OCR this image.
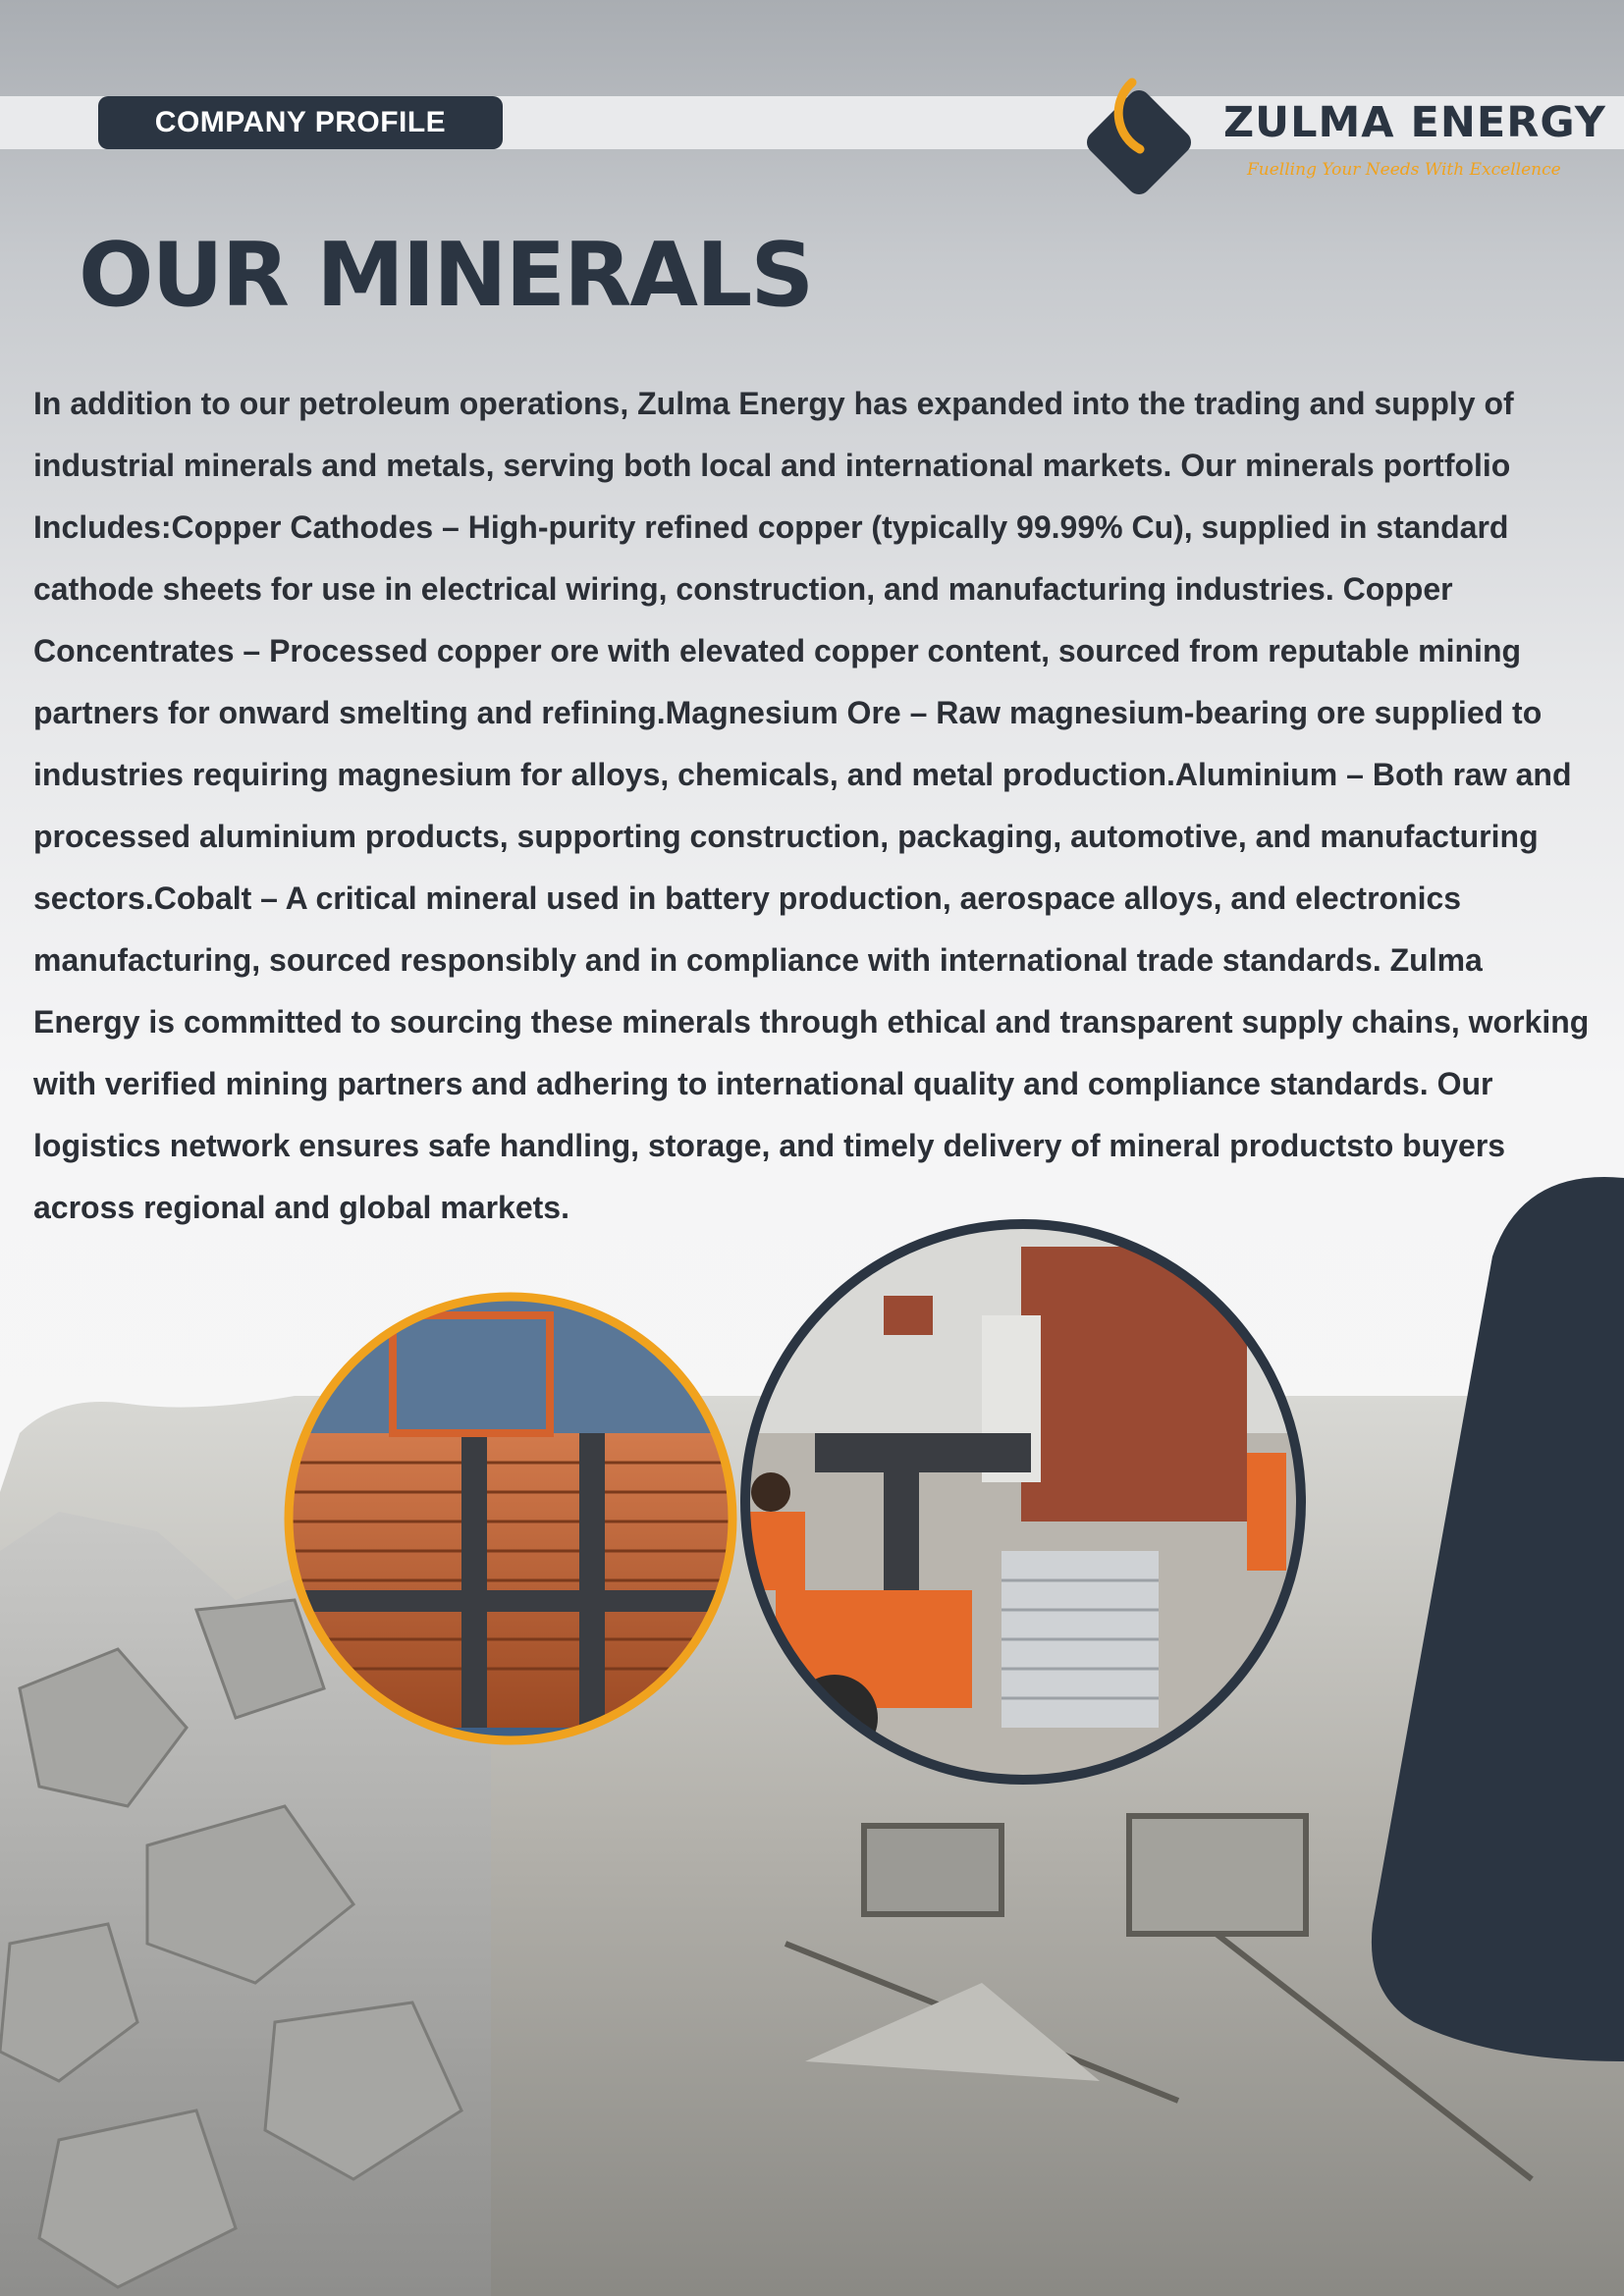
COMPANY PROFILE	ZULMA ENERGY
Fuelling Your Needs With Excellence
OUR MINERALS

In addition to our petroleum operations, Zulma Energy has expanded into the trading and supply of industrial minerals and metals, serving both local and international markets. Our minerals portfolio Includes:Copper Cathodes – High-purity refined copper (typically 99.99% Cu), supplied in standard cathode sheets for use in electrical wiring, construction, and manufacturing industries. Copper Concentrates – Processed copper ore with elevated copper content, sourced from reputable mining partners for onward smelting and refining.Magnesium Ore – Raw magnesium-bearing ore supplied to industries requiring magnesium for alloys, chemicals, and metal production.Aluminium – Both raw and processed aluminium products, supporting construction, packaging, automotive, and manufacturing sectors.Cobalt – A critical mineral used in battery production, aerospace alloys, and electronics manufacturing, sourced responsibly and in compliance with international trade standards. Zulma Energy is committed to sourcing these minerals through ethical and transparent supply chains, working with verified mining partners and adhering to international quality and compliance standards. Our logistics network ensures safe handling, storage, and timely delivery of mineral productsto buyers across regional and global markets.
